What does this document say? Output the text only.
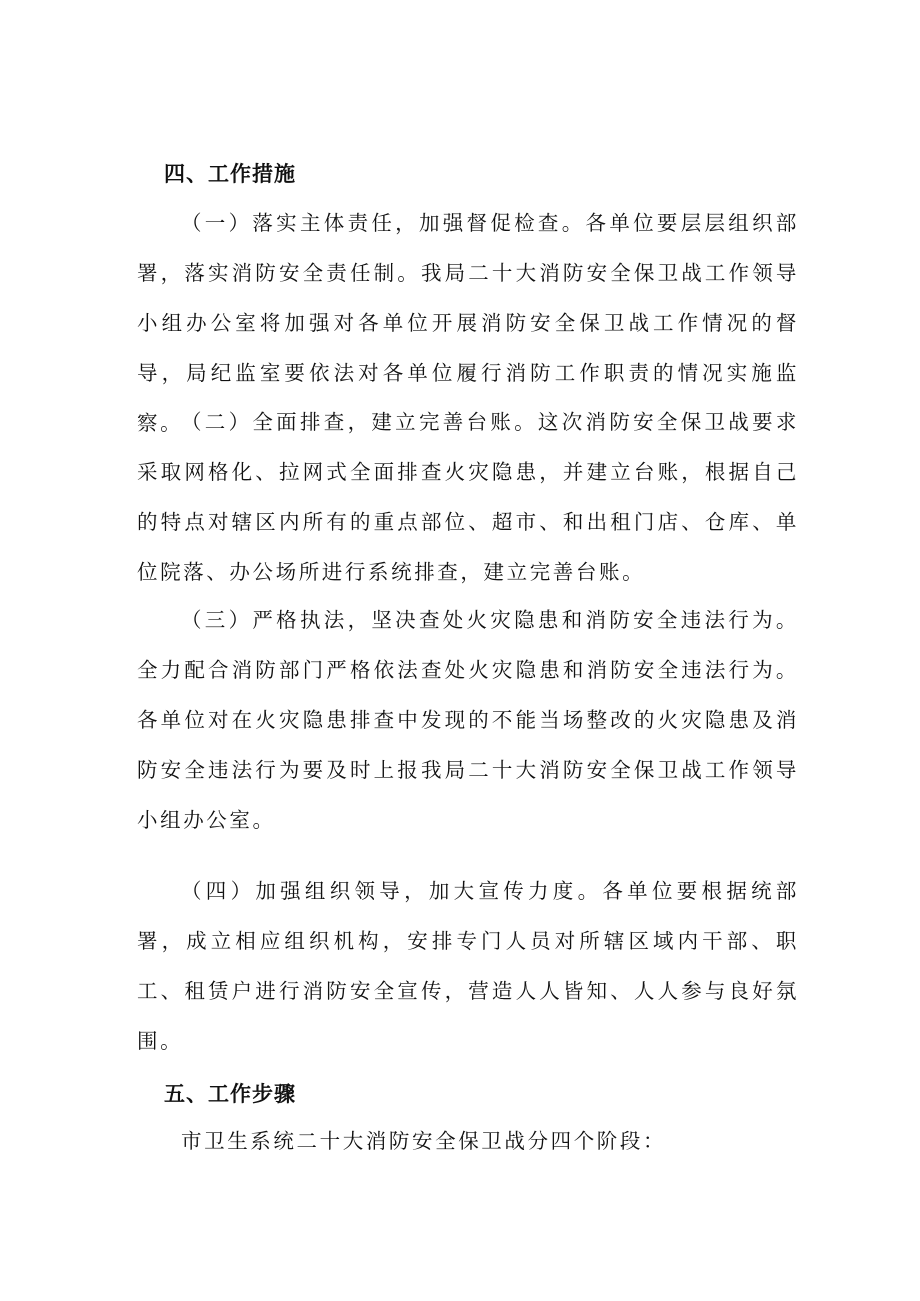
四、工作措施

（一）落实主体责任，加强督促检查。各单位要层层组织部署，落实消防安全责任制。我局二十大消防安全保卫战工作领导小组办公室将加强对各单位开展消防安全保卫战工作情况的督导，局纪监室要依法对各单位履行消防工作职责的情况实施监察。

（二）全面排查，建立完善台账。这次消防安全保卫战要求采取网格化、拉网式全面排查火灾隐患，并建立台账，根据自己的特点对辖区内所有的重点部位、超市、和出租门店、仓库、单位院落、办公场所进行系统排查，建立完善台账。

（三）严格执法，坚决查处火灾隐患和消防安全违法行为。全力配合消防部门严格依法查处火灾隐患和消防安全违法行为。各单位对在火灾隐患排查中发现的不能当场整改的火灾隐患及消防安全违法行为要及时上报我局二十大消防安全保卫战工作领导小组办公室。

（四）加强组织领导，加大宣传力度。各单位要根据统部署，成立相应组织机构，安排专门人员对所辖区域内干部、职工、租赁户进行消防安全宣传，营造人人皆知、人人参与良好氛围。

五、工作步骤

市卫生系统二十大消防安全保卫战分四个阶段：
